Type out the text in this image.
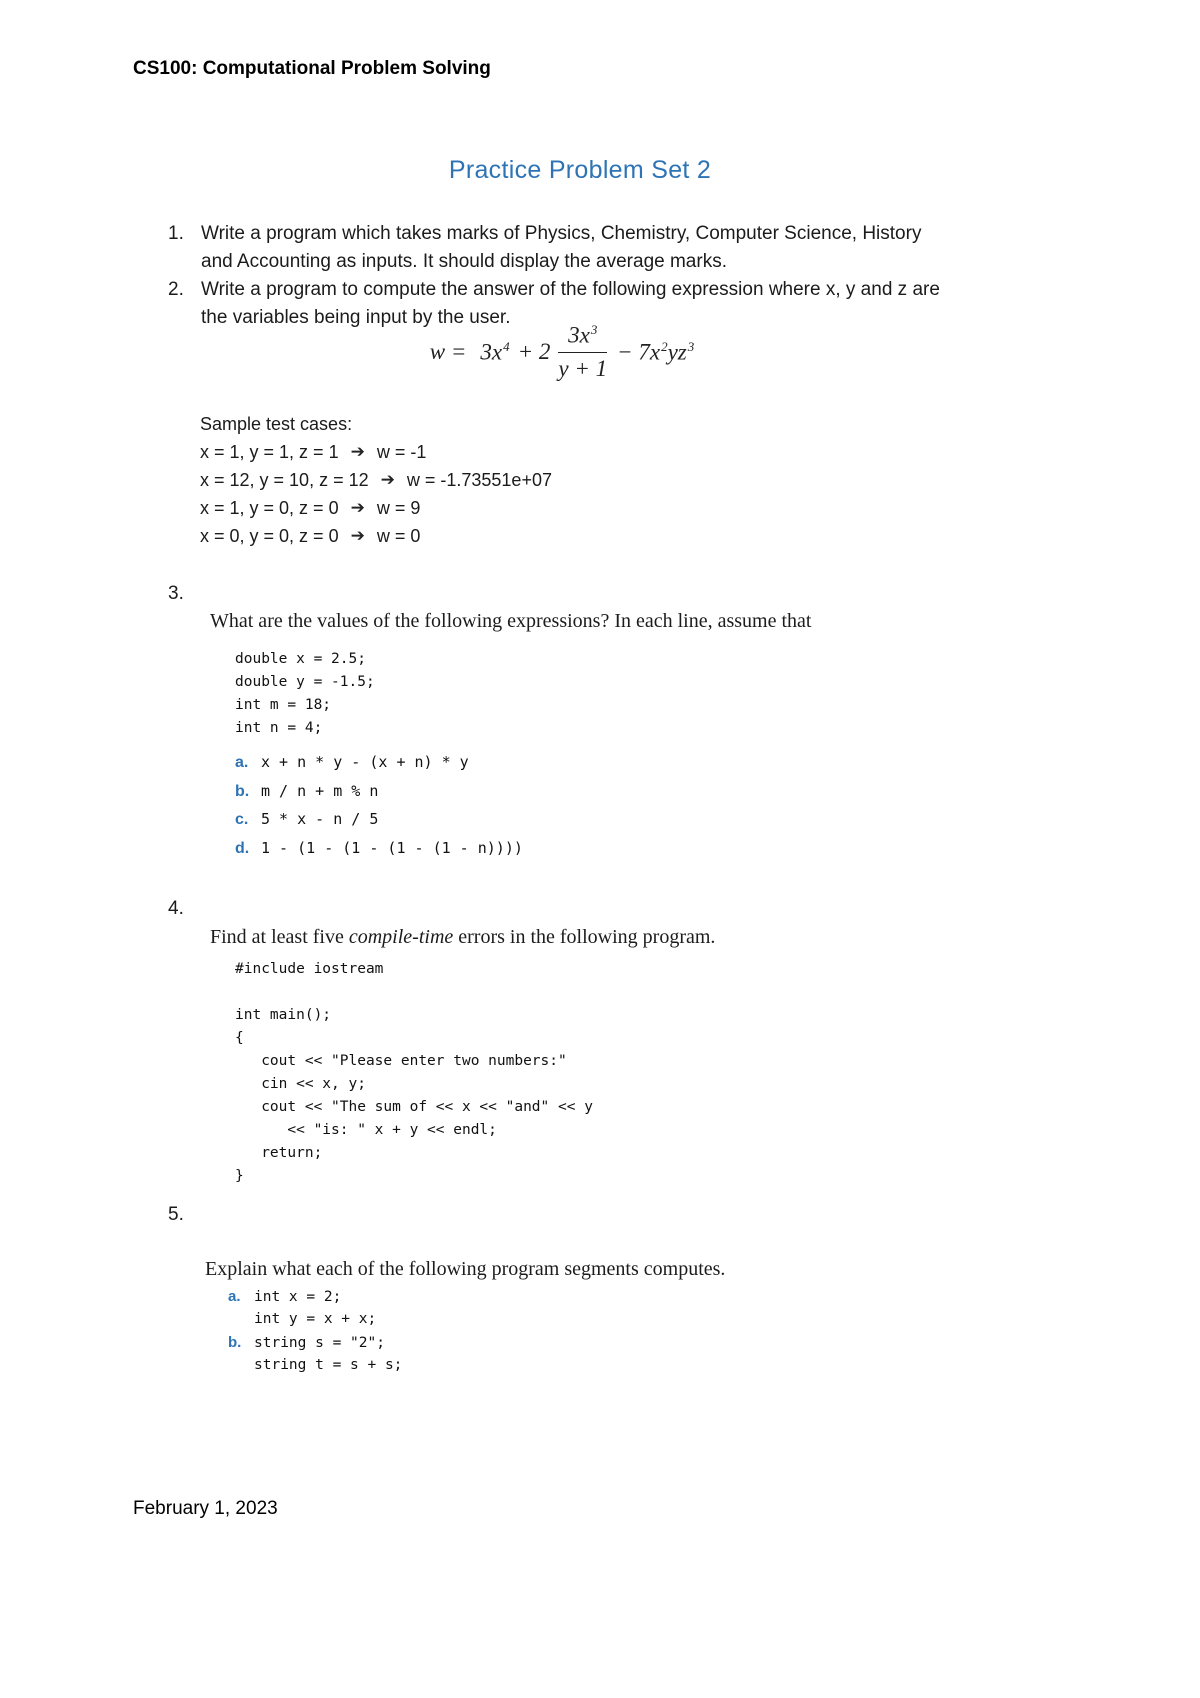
CS100: Computational Problem Solving
Practice Problem Set 2
1. Write a program which takes marks of Physics, Chemistry, Computer Science, History and Accounting as inputs. It should display the average marks.
2. Write a program to compute the answer of the following expression where x, y and z are the variables being input by the user.
$w = 3x^4 + 2 \frac{3x^3}{y + 1} - 7x^2yz^3$
Sample test cases:
x = 1, y = 1, z = 1 ➔ w = -1
x = 12, y = 10, z = 12 ➔ w = -1.73551e+07
x = 1, y = 0, z = 0 ➔ w = 9
x = 0, y = 0, z = 0 ➔ w = 0
3.
What are the values of the following expressions? In each line, assume that
double x = 2.5;
double y = -1.5;
int m = 18;
int n = 4;
a. x + n * y - (x + n) * y
b. m / n + m % n
c. 5 * x - n / 5
d. 1 - (1 - (1 - (1 - (1 - n))))
4.
Find at least five compile-time errors in the following program.
#include iostream
int main();
{
cout << "Please enter two numbers:"
cin << x, y;
cout << "The sum of << x << "and" << y
<< "is: " x + y << endl;
return;
}
5.
Explain what each of the following program segments computes.
a. int x = 2;
int y = x + x;
b. string s = "2";
string t = s + s;
February 1, 2023
